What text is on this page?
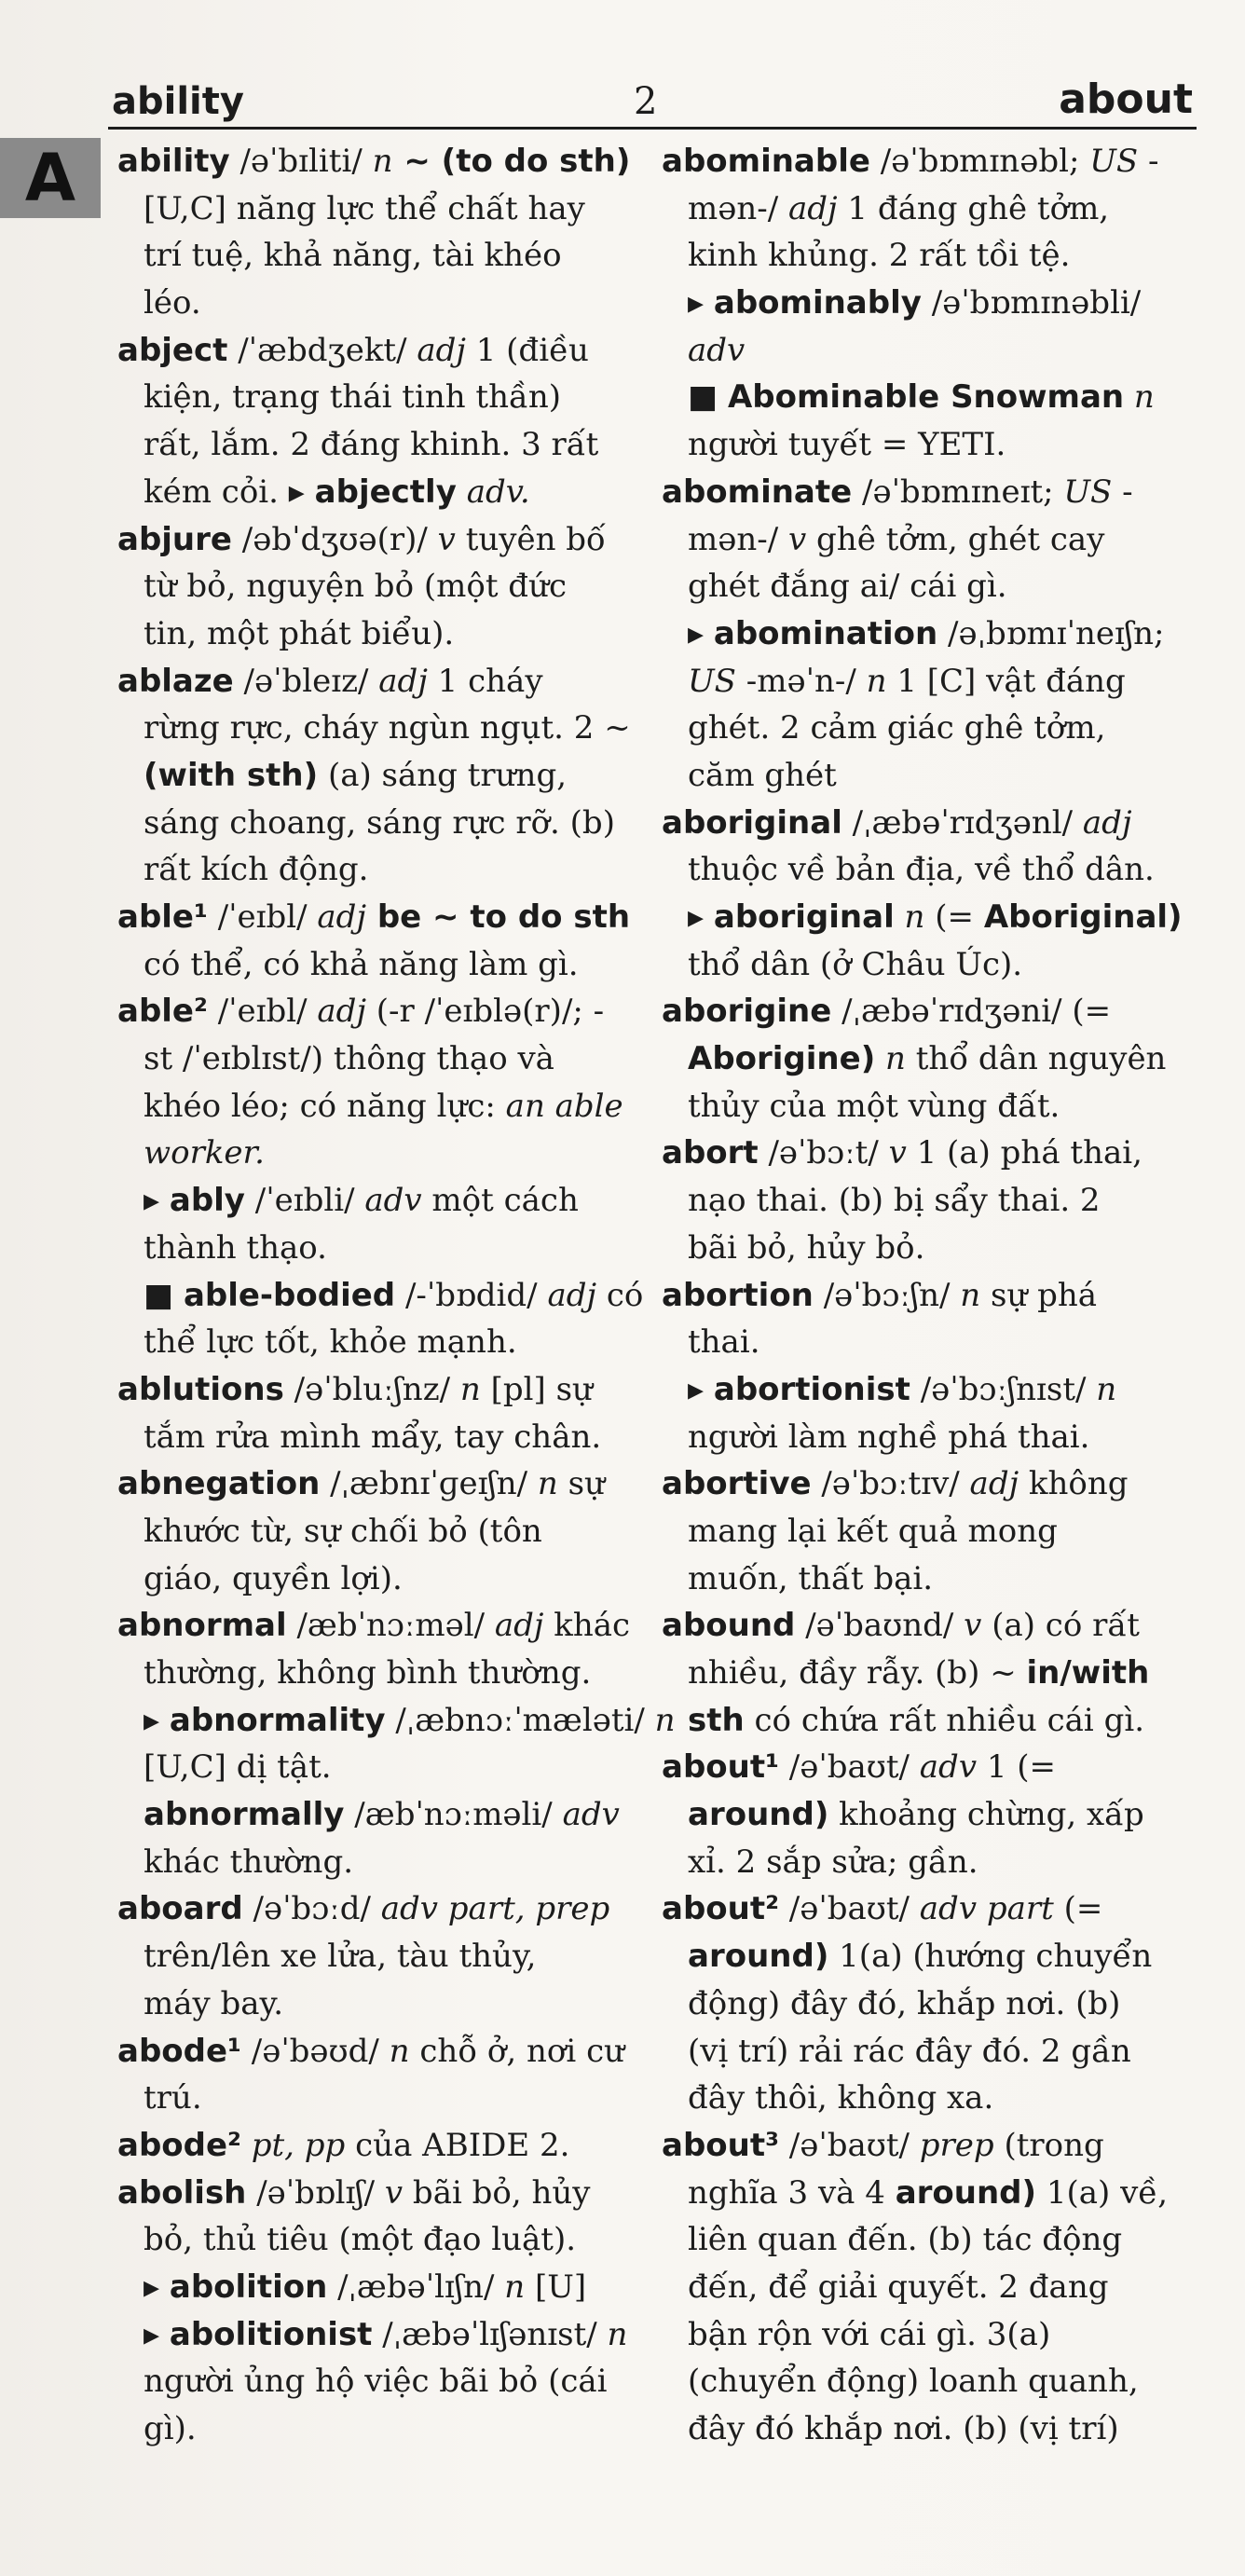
ability	2	about
A	ability /əˈbɪliti/ n ~ (to do sth)
[U,C] năng lực thể chất hay
trí tuệ, khả năng, tài khéo
léo.
abject /ˈæbdʒekt/ adj 1 (điều
kiện, trạng thái tinh thần)
rất, lắm. 2 đáng khinh. 3 rất
kém cỏi. ▸ abjectly adv.
abjure /əbˈdʒʊə(r)/ v tuyên bố
từ bỏ, nguyện bỏ (một đức
tin, một phát biểu).
ablaze /əˈbleɪz/ adj 1 cháy
rừng rực, cháy ngùn ngụt. 2 ~
(with sth) (a) sáng trưng,
sáng choang, sáng rực rỡ. (b)
rất kích động.
able¹ /ˈeɪbl/ adj be ~ to do sth
có thể, có khả năng làm gì.
able² /ˈeɪbl/ adj (-r /ˈeɪblə(r)/; -
st /ˈeɪblɪst/) thông thạo và
khéo léo; có năng lực: an able
worker.
▸ ably /ˈeɪbli/ adv một cách
thành thạo.
■ able-bodied /-ˈbɒdid/ adj có
thể lực tốt, khỏe mạnh.
ablutions /əˈbluːʃnz/ n [pl] sự
tắm rửa mình mẩy, tay chân.
abnegation /ˌæbnɪˈɡeɪʃn/ n sự
khước từ, sự chối bỏ (tôn
giáo, quyền lợi).
abnormal /æbˈnɔːməl/ adj khác
thường, không bình thường.
▸ abnormality /ˌæbnɔːˈmæləti/ n
[U,C] dị tật.
abnormally /æbˈnɔːməli/ adv
khác thường.
aboard /əˈbɔːd/ adv part, prep
trên/lên xe lửa, tàu thủy,
máy bay.
abode¹ /əˈbəʊd/ n chỗ ở, nơi cư
trú.
abode² pt, pp của ABIDE 2.
abolish /əˈbɒlɪʃ/ v bãi bỏ, hủy
bỏ, thủ tiêu (một đạo luật).
▸ abolition /ˌæbəˈlɪʃn/ n [U]
▸ abolitionist /ˌæbəˈlɪʃənɪst/ n
người ủng hộ việc bãi bỏ (cái
gì).
abominable /əˈbɒmɪnəbl; US -
mən-/ adj 1 đáng ghê tởm,
kinh khủng. 2 rất tồi tệ.
▸ abominably /əˈbɒmɪnəbli/
adv
■ Abominable Snowman n
người tuyết = YETI.
abominate /əˈbɒmɪneɪt; US -
mən-/ v ghê tởm, ghét cay
ghét đắng ai/ cái gì.
▸ abomination /əˌbɒmɪˈneɪʃn;
US -məˈn-/ n 1 [C] vật đáng
ghét. 2 cảm giác ghê tởm,
căm ghét
aboriginal /ˌæbəˈrɪdʒənl/ adj
thuộc về bản địa, về thổ dân.
▸ aboriginal n (= Aboriginal)
thổ dân (ở Châu Úc).
aborigine /ˌæbəˈrɪdʒəni/ (=
Aborigine) n thổ dân nguyên
thủy của một vùng đất.
abort /əˈbɔːt/ v 1 (a) phá thai,
nạo thai. (b) bị sẩy thai. 2
bãi bỏ, hủy bỏ.
abortion /əˈbɔːʃn/ n sự phá
thai.
▸ abortionist /əˈbɔːʃnɪst/ n
người làm nghề phá thai.
abortive /əˈbɔːtɪv/ adj không
mang lại kết quả mong
muốn, thất bại.
abound /əˈbaʊnd/ v (a) có rất
nhiều, đầy rẫy. (b) ~ in/with
sth có chứa rất nhiều cái gì.
about¹ /əˈbaʊt/ adv 1 (=
around) khoảng chừng, xấp
xỉ. 2 sắp sửa; gần.
about² /əˈbaʊt/ adv part (=
around) 1(a) (hướng chuyển
động) đây đó, khắp nơi. (b)
(vị trí) rải rác đây đó. 2 gần
đây thôi, không xa.
about³ /əˈbaʊt/ prep (trong
nghĩa 3 và 4 around) 1(a) về,
liên quan đến. (b) tác động
đến, để giải quyết. 2 đang
bận rộn với cái gì. 3(a)
(chuyển động) loanh quanh,
đây đó khắp nơi. (b) (vị trí)
